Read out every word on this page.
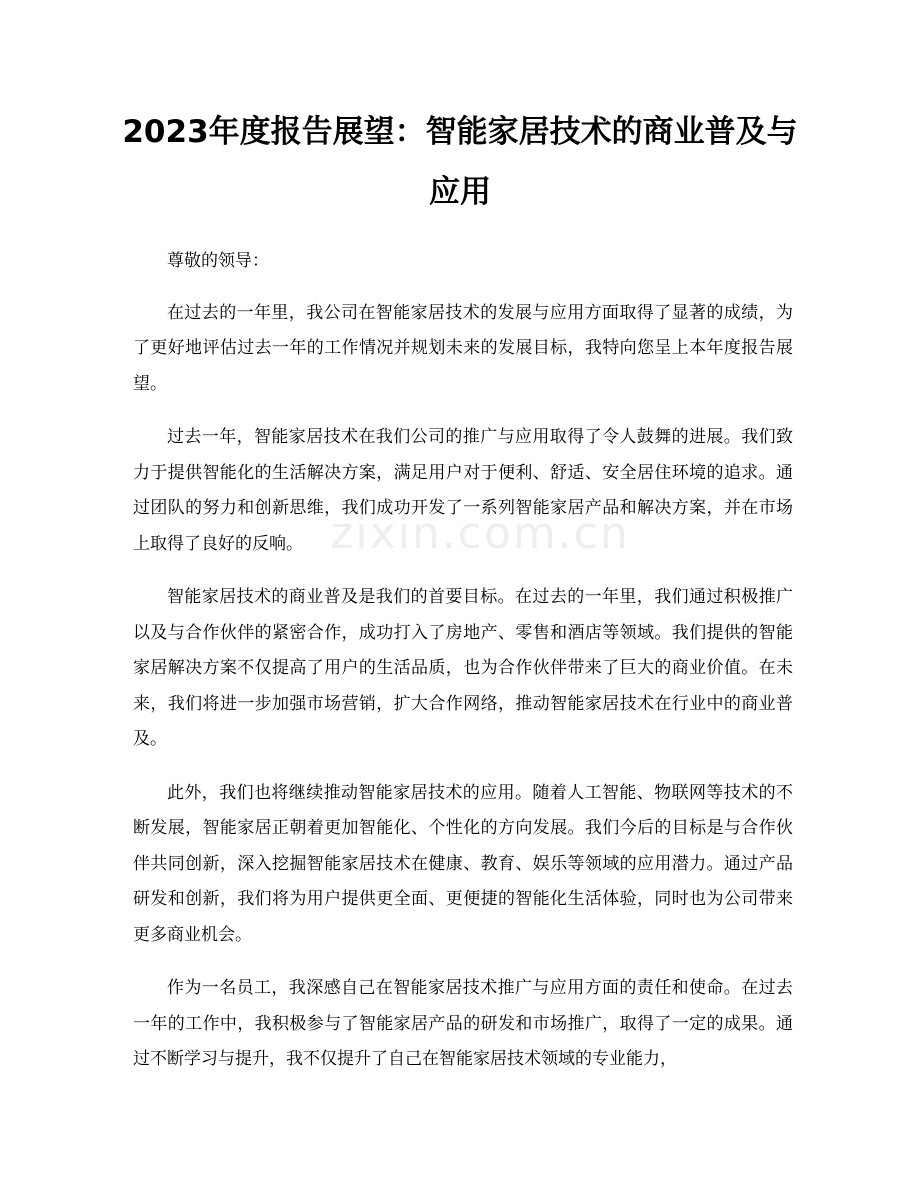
2023年度报告展望：智能家居技术的商业普及与应用

尊敬的领导：

在过去的一年里，我公司在智能家居技术的发展与应用方面取得了显著的成绩，为了更好地评估过去一年的工作情况并规划未来的发展目标，我特向您呈上本年度报告展望。

过去一年，智能家居技术在我们公司的推广与应用取得了令人鼓舞的进展。我们致力于提供智能化的生活解决方案，满足用户对于便利、舒适、安全居住环境的追求。通过团队的努力和创新思维，我们成功开发了一系列智能家居产品和解决方案，并在市场上取得了良好的反响。

智能家居技术的商业普及是我们的首要目标。在过去的一年里，我们通过积极推广以及与合作伙伴的紧密合作，成功打入了房地产、零售和酒店等领域。我们提供的智能家居解决方案不仅提高了用户的生活品质，也为合作伙伴带来了巨大的商业价值。在未来，我们将进一步加强市场营销，扩大合作网络，推动智能家居技术在行业中的商业普及。

此外，我们也将继续推动智能家居技术的应用。随着人工智能、物联网等技术的不断发展，智能家居正朝着更加智能化、个性化的方向发展。我们今后的目标是与合作伙伴共同创新，深入挖掘智能家居技术在健康、教育、娱乐等领域的应用潜力。通过产品研发和创新，我们将为用户提供更全面、更便捷的智能化生活体验，同时也为公司带来更多商业机会。

作为一名员工，我深感自己在智能家居技术推广与应用方面的责任和使命。在过去一年的工作中，我积极参与了智能家居产品的研发和市场推广，取得了一定的成果。通过不断学习与提升，我不仅提升了自己在智能家居技术领域的专业能力，

zixin.com.cn
